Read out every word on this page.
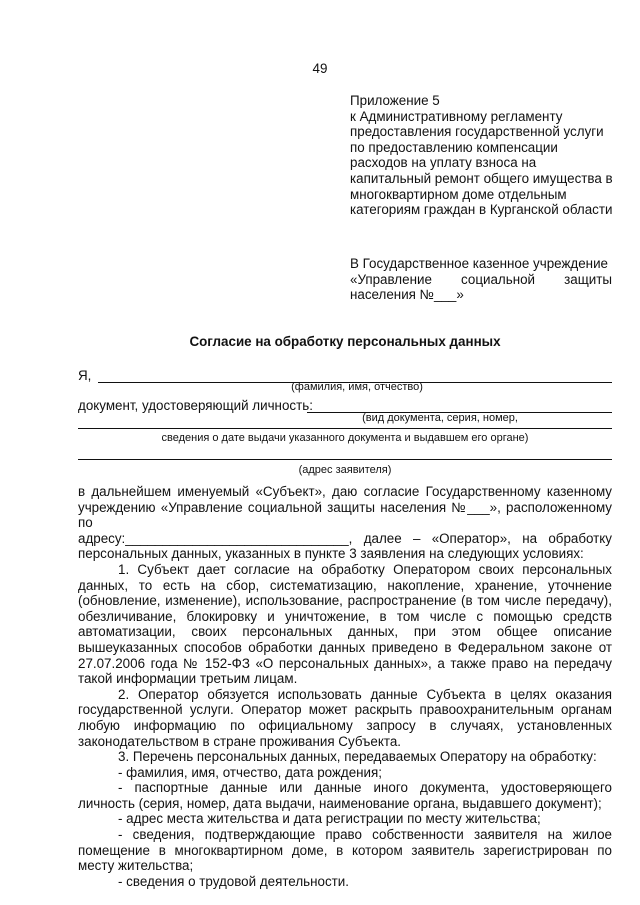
49
Приложение 5
к Административному регламенту
предоставления государственной услуги
по предоставлению компенсации
расходов на уплату взноса на
капитальный ремонт общего имущества в
многоквартирном доме отдельным
категориям граждан в Курганской области
В Государственное казенное учреждение
«Управление социальной защиты
населения №___»
Согласие на обработку персональных данных
Я,
(фамилия, имя, отчество)
документ, удостоверяющий личность:
(вид документа, серия, номер,
сведения о дате выдачи указанного документа и выдавшем его органе)
(адрес заявителя)

в дальнейшем именуемый «Субъект», даю согласие Государственному казенному

учреждению «Управление социальной защиты населения №___», расположенному по

адресу:______________________________, далее – «Оператор», на обработку

персональных данных, указанных в пункте 3 заявления на следующих условиях:

1. Субъект дает согласие на обработку Оператором своих персональных данных, то есть на сбор, систематизацию, накопление, хранение, уточнение (обновление, изменение), использование, распространение (в том числе передачу), обезличивание, блокировку и уничтожение, в том числе с помощью средств автоматизации, своих персональных данных, при этом общее описание вышеуказанных способов обработки данных приведено в Федеральном законе от 27.07.2006 года № 152-ФЗ «О персональных данных», а также право на передачу такой информации третьим лицам.

2. Оператор обязуется использовать данные Субъекта в целях оказания государственной услуги. Оператор может раскрыть правоохранительным органам любую информацию по официальному запросу в случаях, установленных законодательством в стране проживания Субъекта.

3. Перечень персональных данных, передаваемых Оператору на обработку:

- фамилия, имя, отчество, дата рождения;

- паспортные данные или данные иного документа, удостоверяющего личность (серия, номер, дата выдачи, наименование органа, выдавшего документ);

- адрес места жительства и дата регистрации по месту жительства;

- сведения, подтверждающие право собственности заявителя на жилое помещение в многоквартирном доме, в котором заявитель зарегистрирован по месту жительства;

- сведения о трудовой деятельности.
